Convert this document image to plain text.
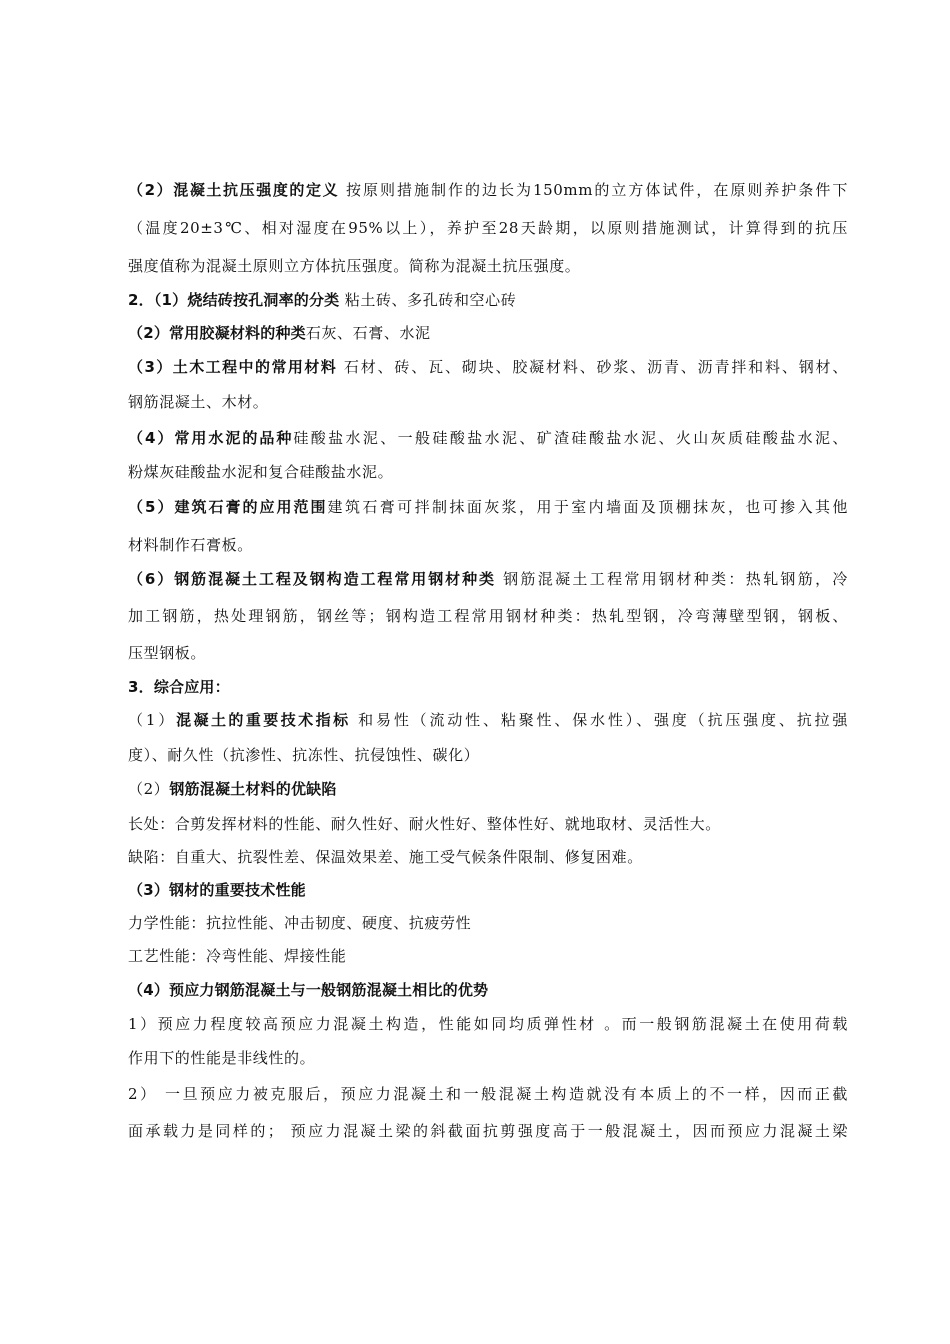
（2）混凝土抗压强度的定义 按原则措施制作的边长为150mm的立方体试件，在原则养护条件下
（温度20±3℃、相对湿度在95%以上），养护至28天龄期，以原则措施测试，计算得到的抗压
强度值称为混凝土原则立方体抗压强度。简称为混凝土抗压强度。
2．（1）烧结砖按孔洞率的分类 粘土砖、多孔砖和空心砖
（2）常用胶凝材料的种类石灰、石膏、水泥
（3）土木工程中的常用材料 石材、砖、瓦、砌块、胶凝材料、砂浆、沥青、沥青拌和料、钢材、
钢筋混凝土、木材。
（4）常用水泥的品种硅酸盐水泥、一般硅酸盐水泥、矿渣硅酸盐水泥、火山灰质硅酸盐水泥、
粉煤灰硅酸盐水泥和复合硅酸盐水泥。
（5）建筑石膏的应用范围建筑石膏可拌制抹面灰浆，用于室内墙面及顶棚抹灰，也可掺入其他
材料制作石膏板。
（6）钢筋混凝土工程及钢构造工程常用钢材种类 钢筋混凝土工程常用钢材种类：热轧钢筋，冷
加工钢筋，热处理钢筋，钢丝等；钢构造工程常用钢材种类：热轧型钢，冷弯薄壁型钢，钢板、
压型钢板。
3．综合应用：
（1）混凝土的重要技术指标 和易性（流动性、粘聚性、保水性）、强度（抗压强度、抗拉强
度）、耐久性（抗渗性、抗冻性、抗侵蚀性、碳化）
（2）钢筋混凝土材料的优缺陷
长处：合剪发挥材料的性能、耐久性好、耐火性好、整体性好、就地取材、灵活性大。
缺陷：自重大、抗裂性差、保温效果差、施工受气候条件限制、修复困难。
（3）钢材的重要技术性能
力学性能：抗拉性能、冲击韧度、硬度、抗疲劳性
工艺性能：冷弯性能、焊接性能
（4）预应力钢筋混凝土与一般钢筋混凝土相比的优势
1）预应力程度较高预应力混凝土构造，性能如同均质弹性材 。而一般钢筋混凝土在使用荷载
作用下的性能是非线性的。
2） 一旦预应力被克服后，预应力混凝土和一般混凝土构造就没有本质上的不一样，因而正截
面承载力是同样的； 预应力混凝土梁的斜截面抗剪强度高于一般混凝土，因而预应力混凝土梁
